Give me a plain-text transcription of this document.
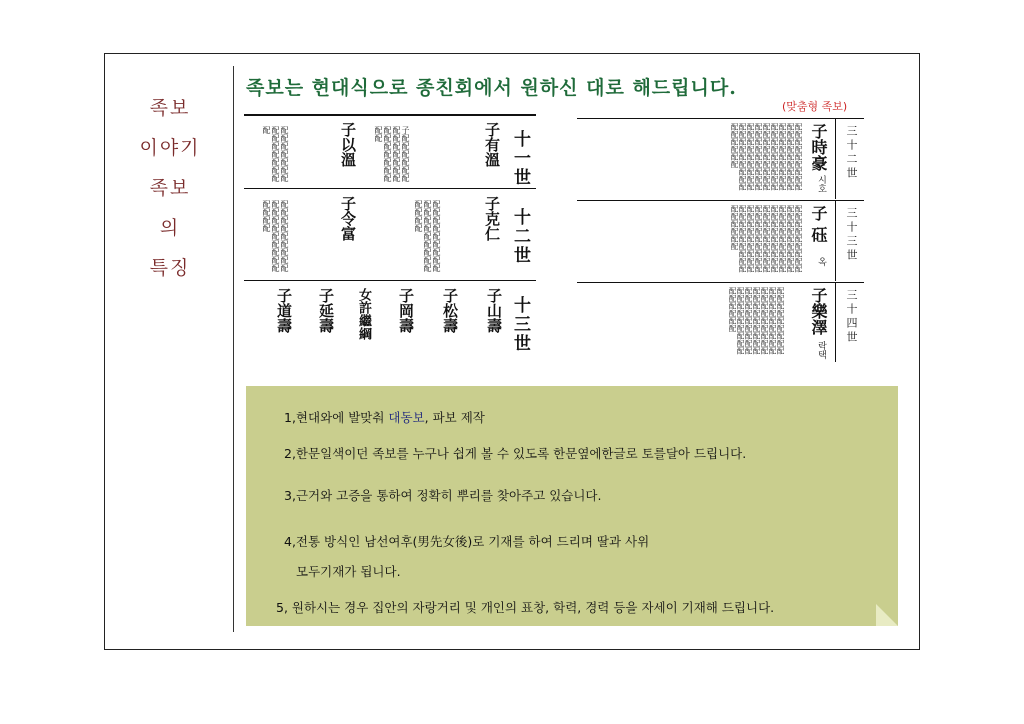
족보
이야기
족보
의
특징
족보는 현대식으로 종친회에서 원하신 대로 해드립니다.
(맞춤형 족보)
十一世
子有溫
子配配配配配配配配配配配配配配配配配配配配配配
子以溫
配配配配配配配配配配配配配配配
十二世
子克仁
配配配配配配配配配配配配配配配配配配配配配配
子令富
配配配配配配配配配配配配配配配配配配配配配配
十三世
子山壽
子松壽
子岡壽
女許繼綱
子延壽
子道壽
三十二世
子時豪
시호
配配配配配配配配配配配配配配配配配配配配配配配配配配配配配配配配配配配配配配配配配配配配配配配配配配配配配配配配配配配配配配配配配配配配配配配配配配配配配配
三十三世
子 砡
옥
配配配配配配配配配配配配配配配配配配配配配配配配配配配配配配配配配配配配配配配配配配配配配配配配配配配配配配配配配配配配配配配配配配配配配配配配配配配配配配
三十四世
子樂澤
락택
配配配配配配配配配配配配配配配配配配配配配配配配配配配配配配配配配配配配配配配配配配配配配配配配配配配配配配配配配配配配
1,현대와에 발맞춰 대동보, 파보 제작
2,한문일색이던 족보를 누구나 쉽게 볼 수 있도록 한문옆에한글로 토를달아 드립니다.
3,근거와 고증을 통하여 정확히 뿌리를 찾아주고 있습니다.
4,전통 방식인 남선여후(男先女後)로 기재를 하여 드리며 딸과 사위
모두기재가 됩니다.
5, 원하시는 경우 집안의 자랑거리 및 개인의 표창, 학력, 경력 등을 자세이 기재해 드립니다.
